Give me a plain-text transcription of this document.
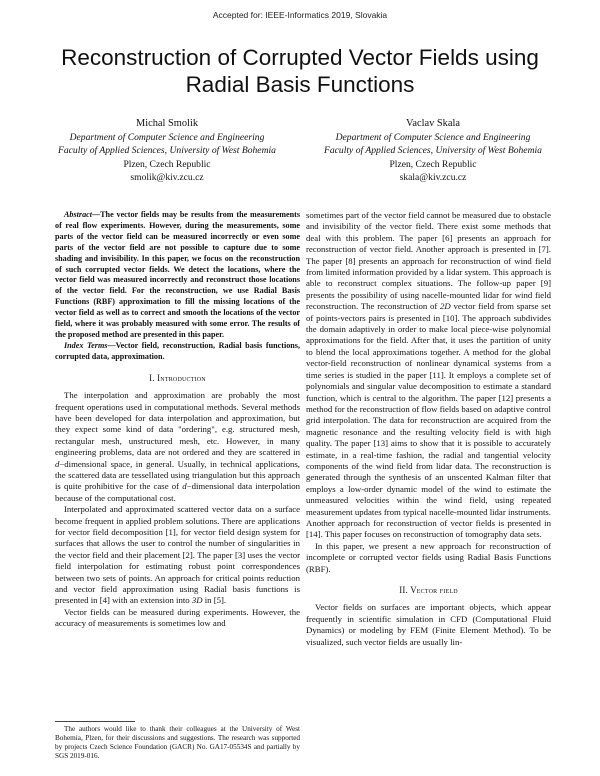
Accepted for: IEEE-Informatics 2019, Slovakia
Reconstruction of Corrupted Vector Fields using
Radial Basis Functions
Michal Smolik
Department of Computer Science and Engineering
Faculty of Applied Sciences, University of West Bohemia
Plzen, Czech Republic
smolik@kiv.zcu.cz
Vaclav Skala
Department of Computer Science and Engineering
Faculty of Applied Sciences, University of West Bohemia
Plzen, Czech Republic
skala@kiv.zcu.cz

Abstract—The vector fields may be results from the measurements of real flow experiments. However, during the measurements, some parts of the vector field can be measured incorrectly or even some parts of the vector field are not possible to capture due to some shading and invisibility. In this paper, we focus on the reconstruction of such corrupted vector fields. We detect the locations, where the vector field was measured incorrectly and reconstruct those locations of the vector field. For the reconstruction, we use Radial Basis Functions (RBF) approximation to fill the missing locations of the vector field as well as to correct and smooth the locations of the vector field, where it was probably measured with some error. The results of the proposed method are presented in this paper.

Index Terms—Vector field, reconstruction, Radial basis functions, corrupted data, approximation.

I. Introduction

The interpolation and approximation are probably the most frequent operations used in computational methods. Several methods have been developed for data interpolation and approximation, but they expect some kind of data "ordering", e.g. structured mesh, rectangular mesh, unstructured mesh, etc. However, in many engineering problems, data are not ordered and they are scattered in d−dimensional space, in general. Usually, in technical applications, the scattered data are tessellated using triangulation but this approach is quite prohibitive for the case of d−dimensional data interpolation because of the computational cost.

Interpolated and approximated scattered vector data on a surface become frequent in applied problem solutions. There are applications for vector field decomposition [1], for vector field design system for surfaces that allows the user to control the number of singularities in the vector field and their placement [2]. The paper [3] uses the vector field interpolation for estimating robust point correspondences between two sets of points. An approach for critical points reduction and vector field approximation using Radial basis functions is presented in [4] with an extension into 3D in [5].

Vector fields can be measured during experiments. However, the accuracy of measurements is sometimes low and

The authors would like to thank their colleagues at the University of West Bohemia, Plzen, for their discussions and suggestions. The research was supported by projects Czech Science Foundation (GACR) No. GA17-05534S and partially by SGS 2019-016.

sometimes part of the vector field cannot be measured due to obstacle and invisibility of the vector field. There exist some methods that deal with this problem. The paper [6] presents an approach for reconstruction of vector field. Another approach is presented in [7]. The paper [8] presents an approach for reconstruction of wind field from limited information provided by a lidar system. This approach is able to reconstruct complex situations. The follow-up paper [9] presents the possibility of using nacelle-mounted lidar for wind field reconstruction. The reconstruction of 2D vector field from sparse set of points-vectors pairs is presented in [10]. The approach subdivides the domain adaptively in order to make local piece-wise polynomial approximations for the field. After that, it uses the partition of unity to blend the local approximations together. A method for the global vector-field reconstruction of nonlinear dynamical systems from a time series is studied in the paper [11]. It employs a complete set of polynomials and singular value decomposition to estimate a standard function, which is central to the algorithm. The paper [12] presents a method for the reconstruction of flow fields based on adaptive control grid interpolation. The data for reconstruction are acquired from the magnetic resonance and the resulting velocity field is with high quality. The paper [13] aims to show that it is possible to accurately estimate, in a real-time fashion, the radial and tangential velocity components of the wind field from lidar data. The reconstruction is generated through the synthesis of an unscented Kalman filter that employs a low-order dynamic model of the wind to estimate the unmeasured velocities within the wind field, using repeated measurement updates from typical nacelle-mounted lidar instruments. Another approach for reconstruction of vector fields is presented in [14]. This paper focuses on reconstruction of tomography data sets.

In this paper, we present a new approach for reconstruction of incomplete or corrupted vector fields using Radial Basis Functions (RBF).

II. Vector field

Vector fields on surfaces are important objects, which appear frequently in scientific simulation in CFD (Computational Fluid Dynamics) or modeling by FEM (Finite Element Method). To be visualized, such vector fields are usually lin-
